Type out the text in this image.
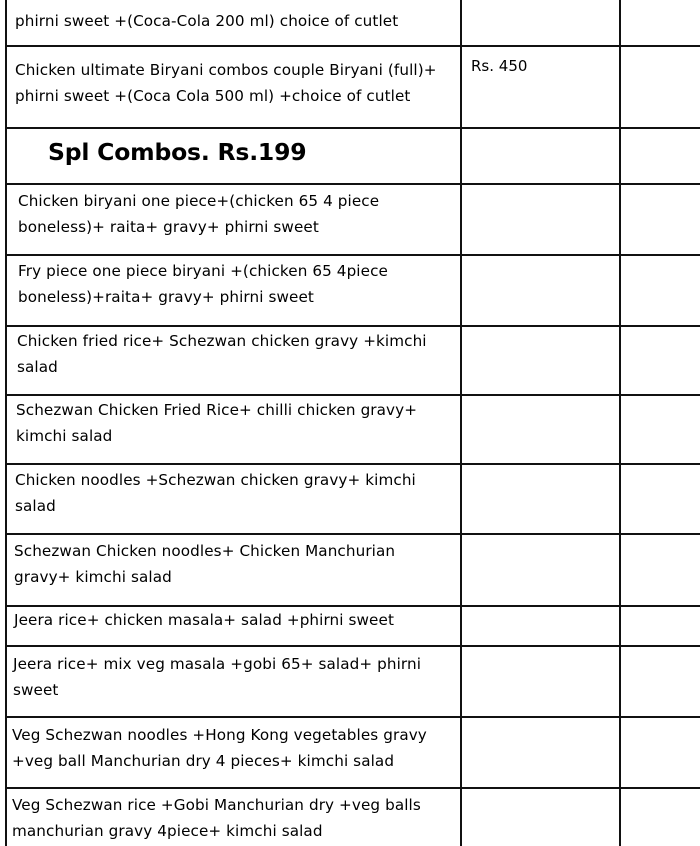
phirni sweet +(Coca-Cola 200 ml) choice of cutlet
Chicken ultimate Biryani combos couple Biryani (full)+
phirni sweet +(Coca Cola 500 ml) +choice of cutlet
Rs. 450
Spl Combos. Rs.199
Chicken biryani one piece+(chicken 65 4 piece
boneless)+ raita+ gravy+ phirni sweet
Fry piece one piece biryani +(chicken 65 4piece
boneless)+raita+ gravy+ phirni sweet
Chicken fried rice+ Schezwan chicken gravy +kimchi
salad
Schezwan Chicken Fried Rice+ chilli chicken gravy+
kimchi salad
Chicken noodles +Schezwan chicken gravy+ kimchi
salad
Schezwan Chicken noodles+ Chicken Manchurian
gravy+ kimchi salad
Jeera rice+ chicken masala+ salad +phirni sweet
Jeera rice+ mix veg masala +gobi 65+ salad+ phirni
sweet
Veg Schezwan noodles +Hong Kong vegetables gravy
+veg ball Manchurian dry 4 pieces+ kimchi salad
Veg Schezwan rice +Gobi Manchurian dry +veg balls
manchurian gravy 4piece+ kimchi salad
